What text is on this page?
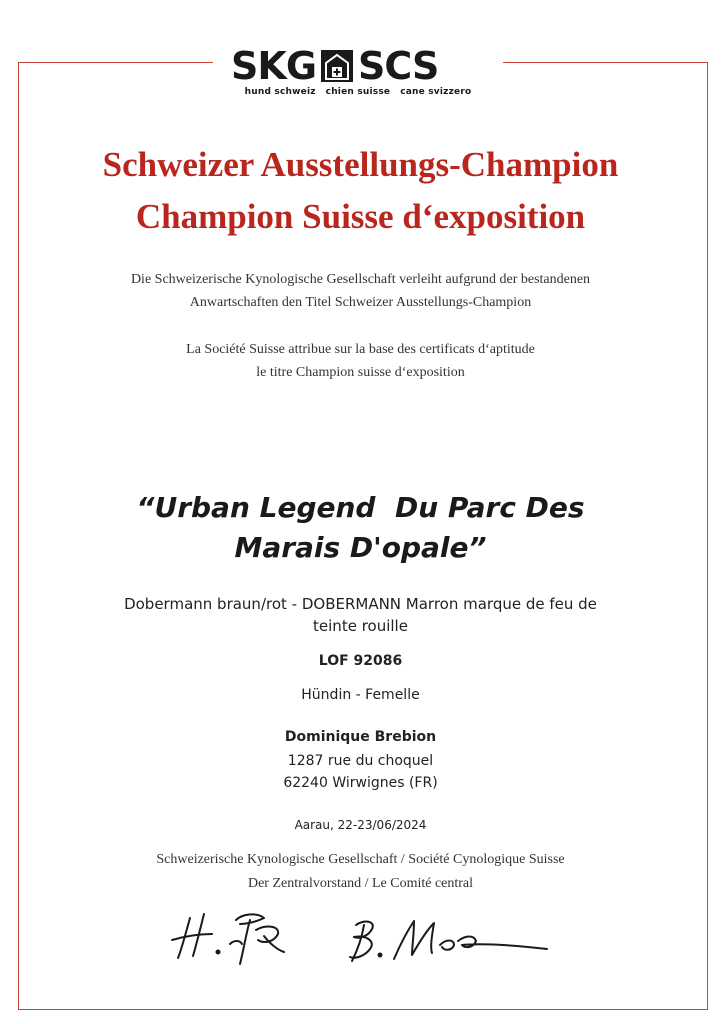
SKG SCS
hund schweiz   chien suisse   cane svizzero
Schweizer Ausstellungs-Champion
Champion Suisse d‘exposition
Die Schweizerische Kynologische Gesellschaft verleiht aufgrund der bestandenen
Anwartschaften den Titel Schweizer Ausstellungs-Champion
La Société Suisse attribue sur la base des certificats d‘aptitude
le titre Champion suisse d‘exposition
“Urban Legend  Du Parc Des
Marais D'opale”
Dobermann braun/rot - DOBERMANN Marron marque de feu de
teinte rouille
LOF 92086
Hündin - Femelle
Dominique Brebion
1287 rue du choquel
62240 Wirwignes (FR)
Aarau, 22-23/06/2024
Schweizerische Kynologische Gesellschaft / Société Cynologique Suisse
Der Zentralvorstand / Le Comité central
